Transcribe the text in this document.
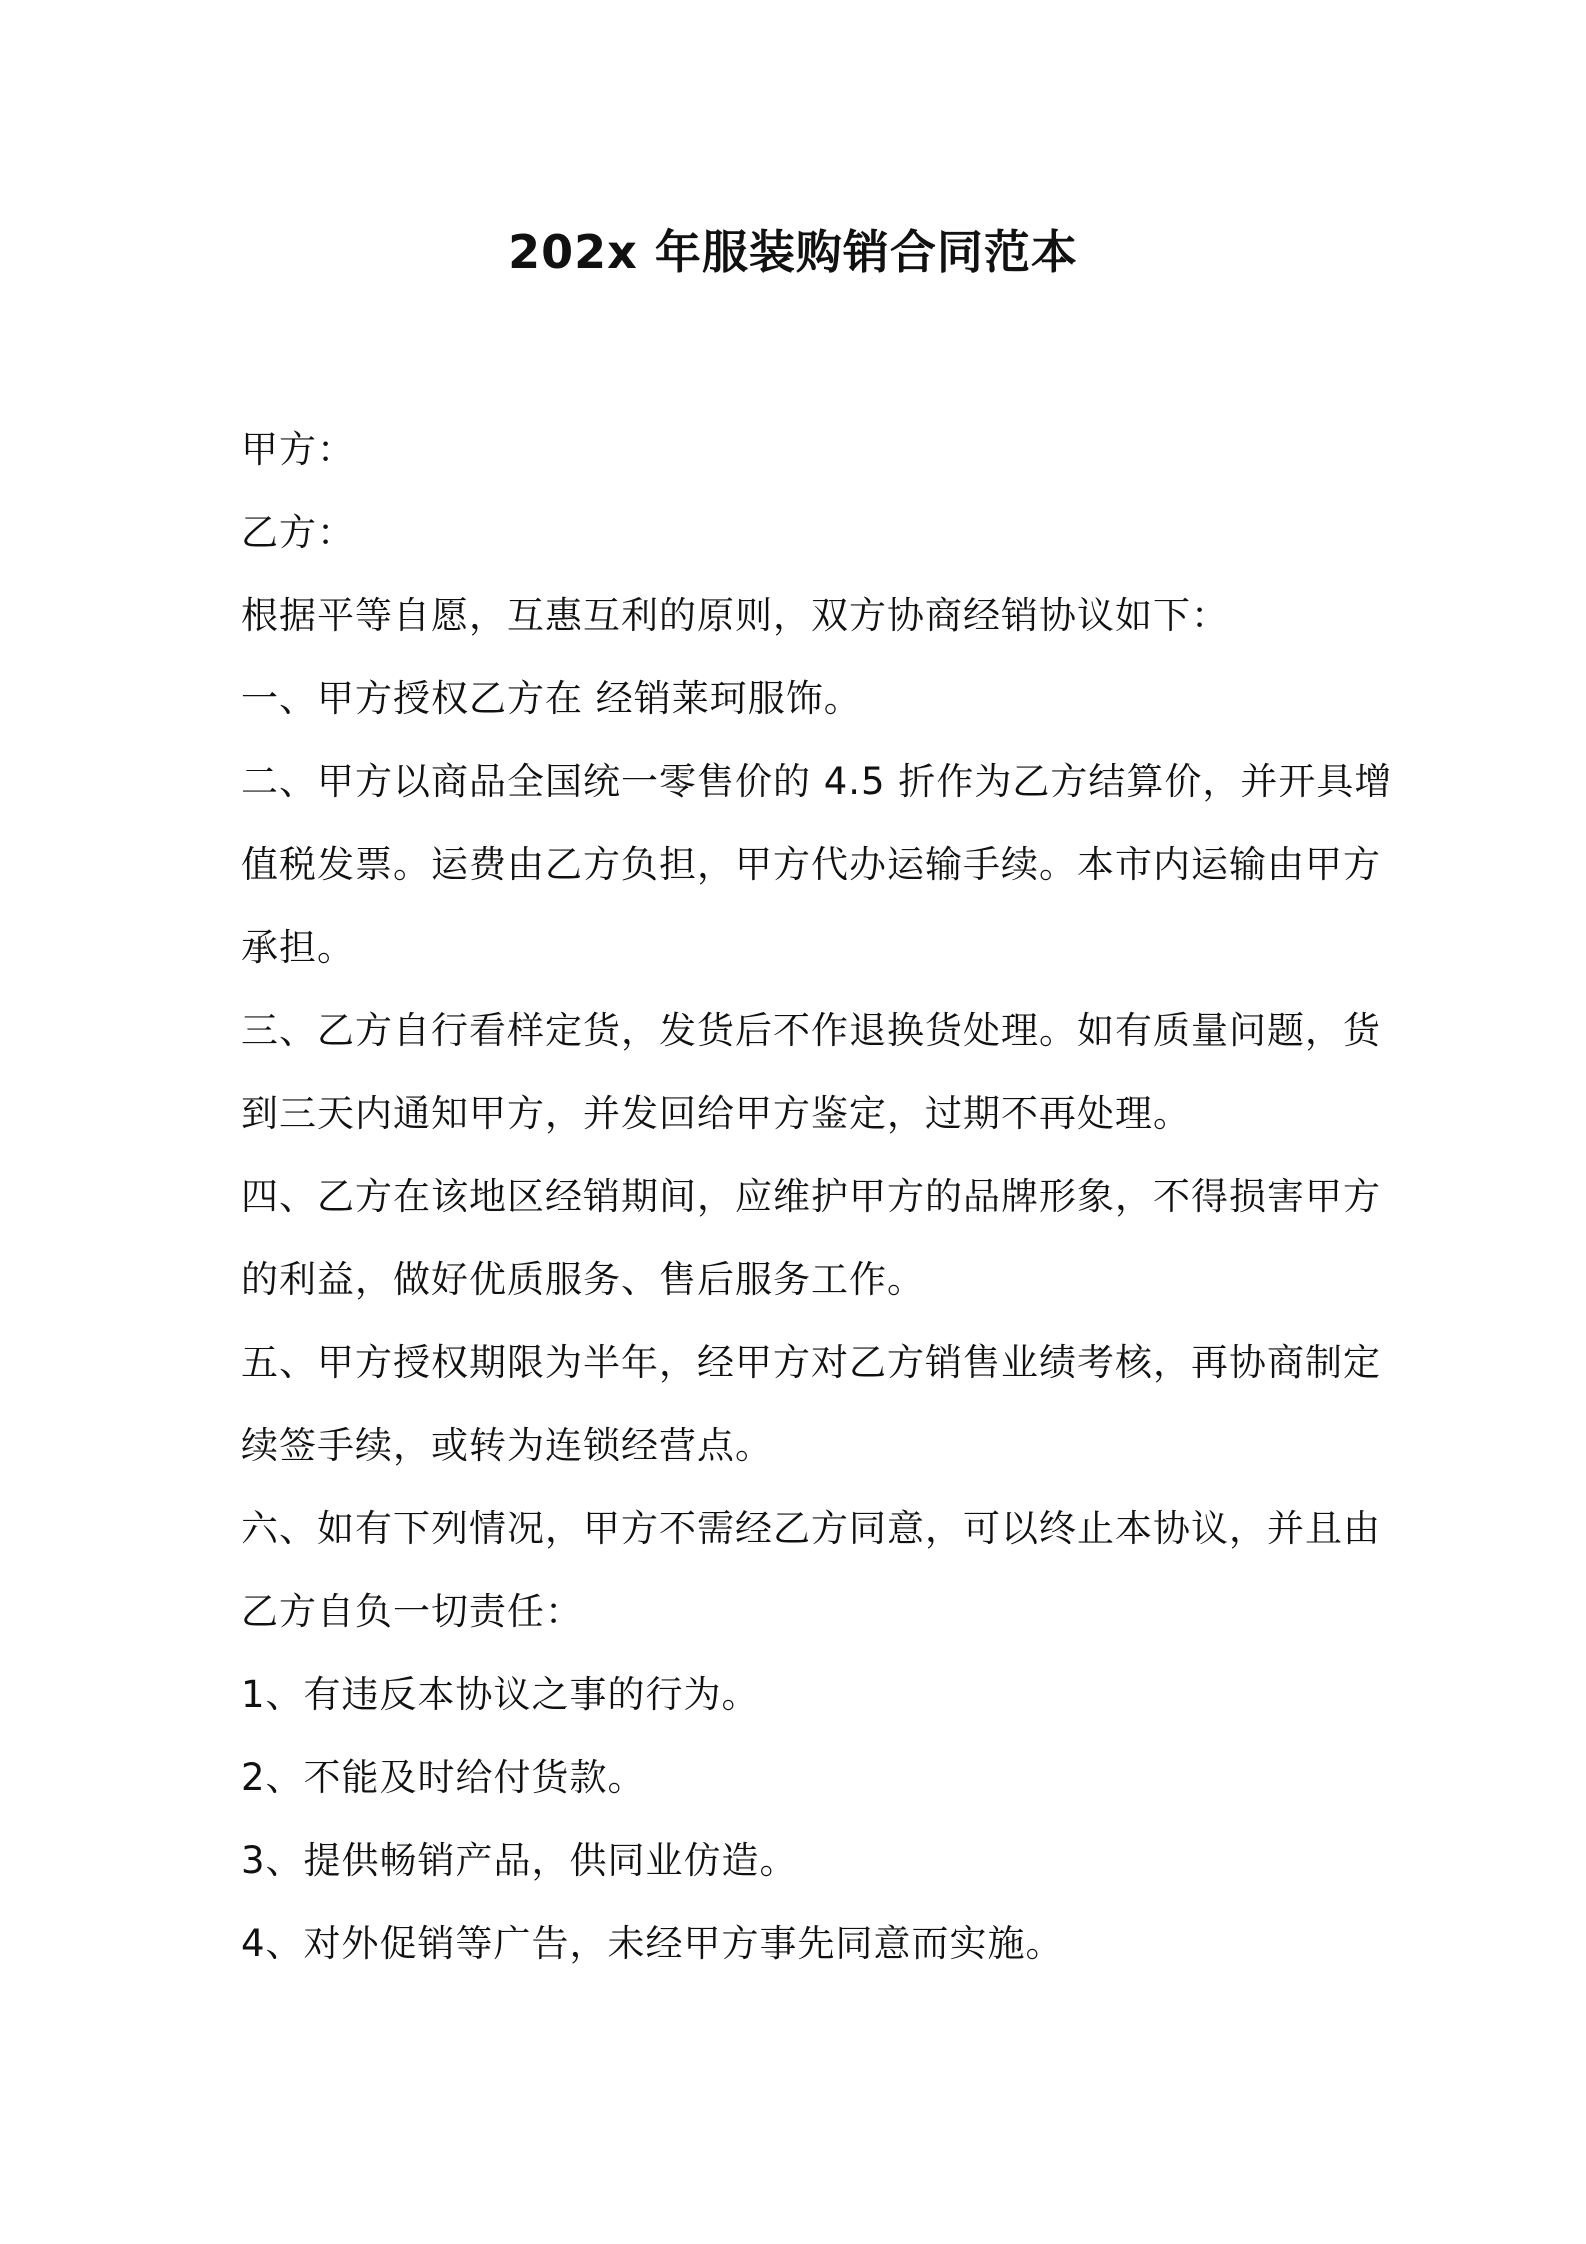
202x 年服装购销合同范本
甲方：
乙方：
根据平等自愿，互惠互利的原则，双方协商经销协议如下：
一、甲方授权乙方在 经销莱珂服饰。
二、甲方以商品全国统一零售价的 4.5 折作为乙方结算价，并开具增
值税发票。运费由乙方负担，甲方代办运输手续。本市内运输由甲方
承担。
三、乙方自行看样定货，发货后不作退换货处理。如有质量问题，货
到三天内通知甲方，并发回给甲方鉴定，过期不再处理。
四、乙方在该地区经销期间，应维护甲方的品牌形象，不得损害甲方
的利益，做好优质服务、售后服务工作。
五、甲方授权期限为半年，经甲方对乙方销售业绩考核，再协商制定
续签手续，或转为连锁经营点。
六、如有下列情况，甲方不需经乙方同意，可以终止本协议，并且由
乙方自负一切责任：
1、有违反本协议之事的行为。
2、不能及时给付货款。
3、提供畅销产品，供同业仿造。
4、对外促销等广告，未经甲方事先同意而实施。
